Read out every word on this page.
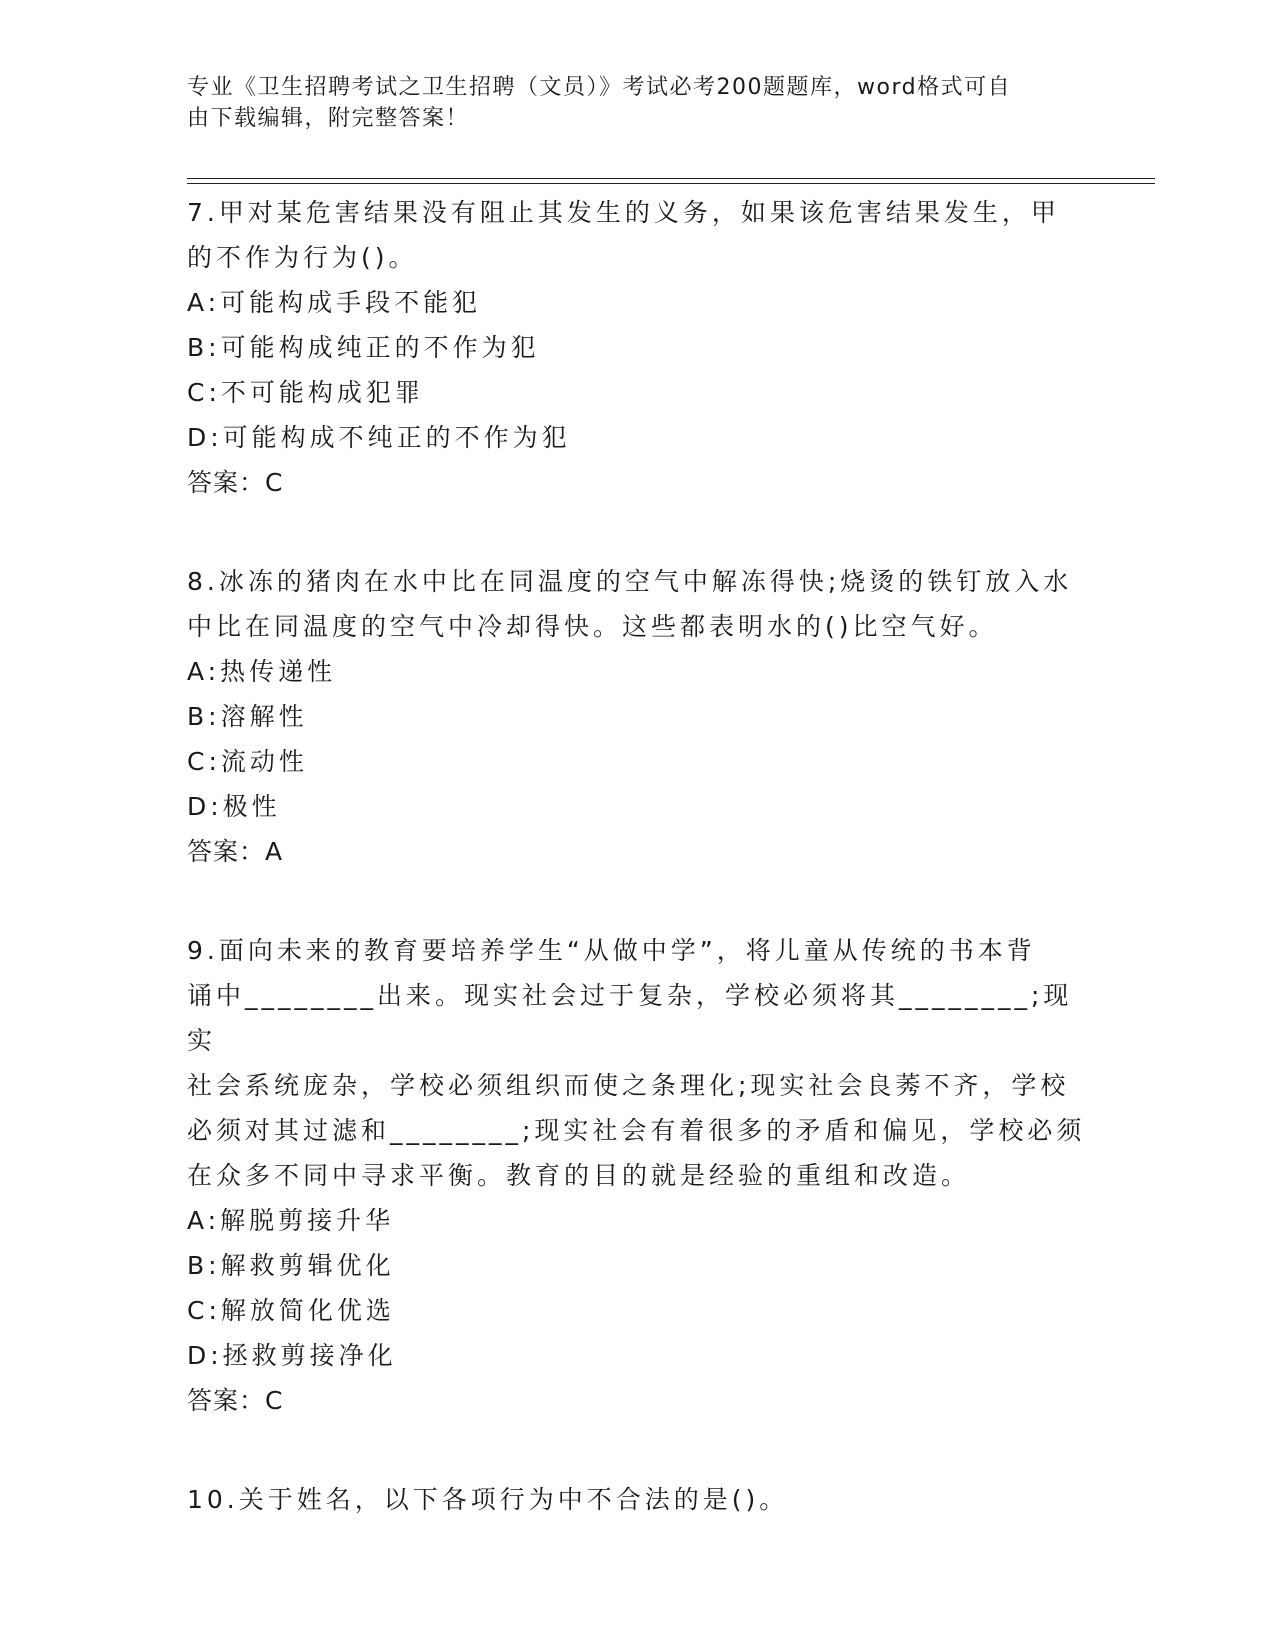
专业《卫生招聘考试之卫生招聘（文员）》考试必考200题题库，word格式可自
由下载编辑，附完整答案！

7.甲对某危害结果没有阻止其发生的义务，如果该危害结果发生，甲

的不作为行为()。

A:可能构成手段不能犯

B:可能构成纯正的不作为犯

C:不可能构成犯罪

D:可能构成不纯正的不作为犯

答案：C

8.冰冻的猪肉在水中比在同温度的空气中解冻得快;烧烫的铁钉放入水

中比在同温度的空气中冷却得快。这些都表明水的()比空气好。

A:热传递性

B:溶解性

C:流动性

D:极性

答案：A

9.面向未来的教育要培养学生“从做中学”，将儿童从传统的书本背

诵中________出来。现实社会过于复杂，学校必须将其________;现实

社会系统庞杂，学校必须组织而使之条理化;现实社会良莠不齐，学校

必须对其过滤和________;现实社会有着很多的矛盾和偏见，学校必须

在众多不同中寻求平衡。教育的目的就是经验的重组和改造。

A:解脱剪接升华

B:解救剪辑优化

C:解放简化优选

D:拯救剪接净化

答案：C

10.关于姓名，以下各项行为中不合法的是()。
